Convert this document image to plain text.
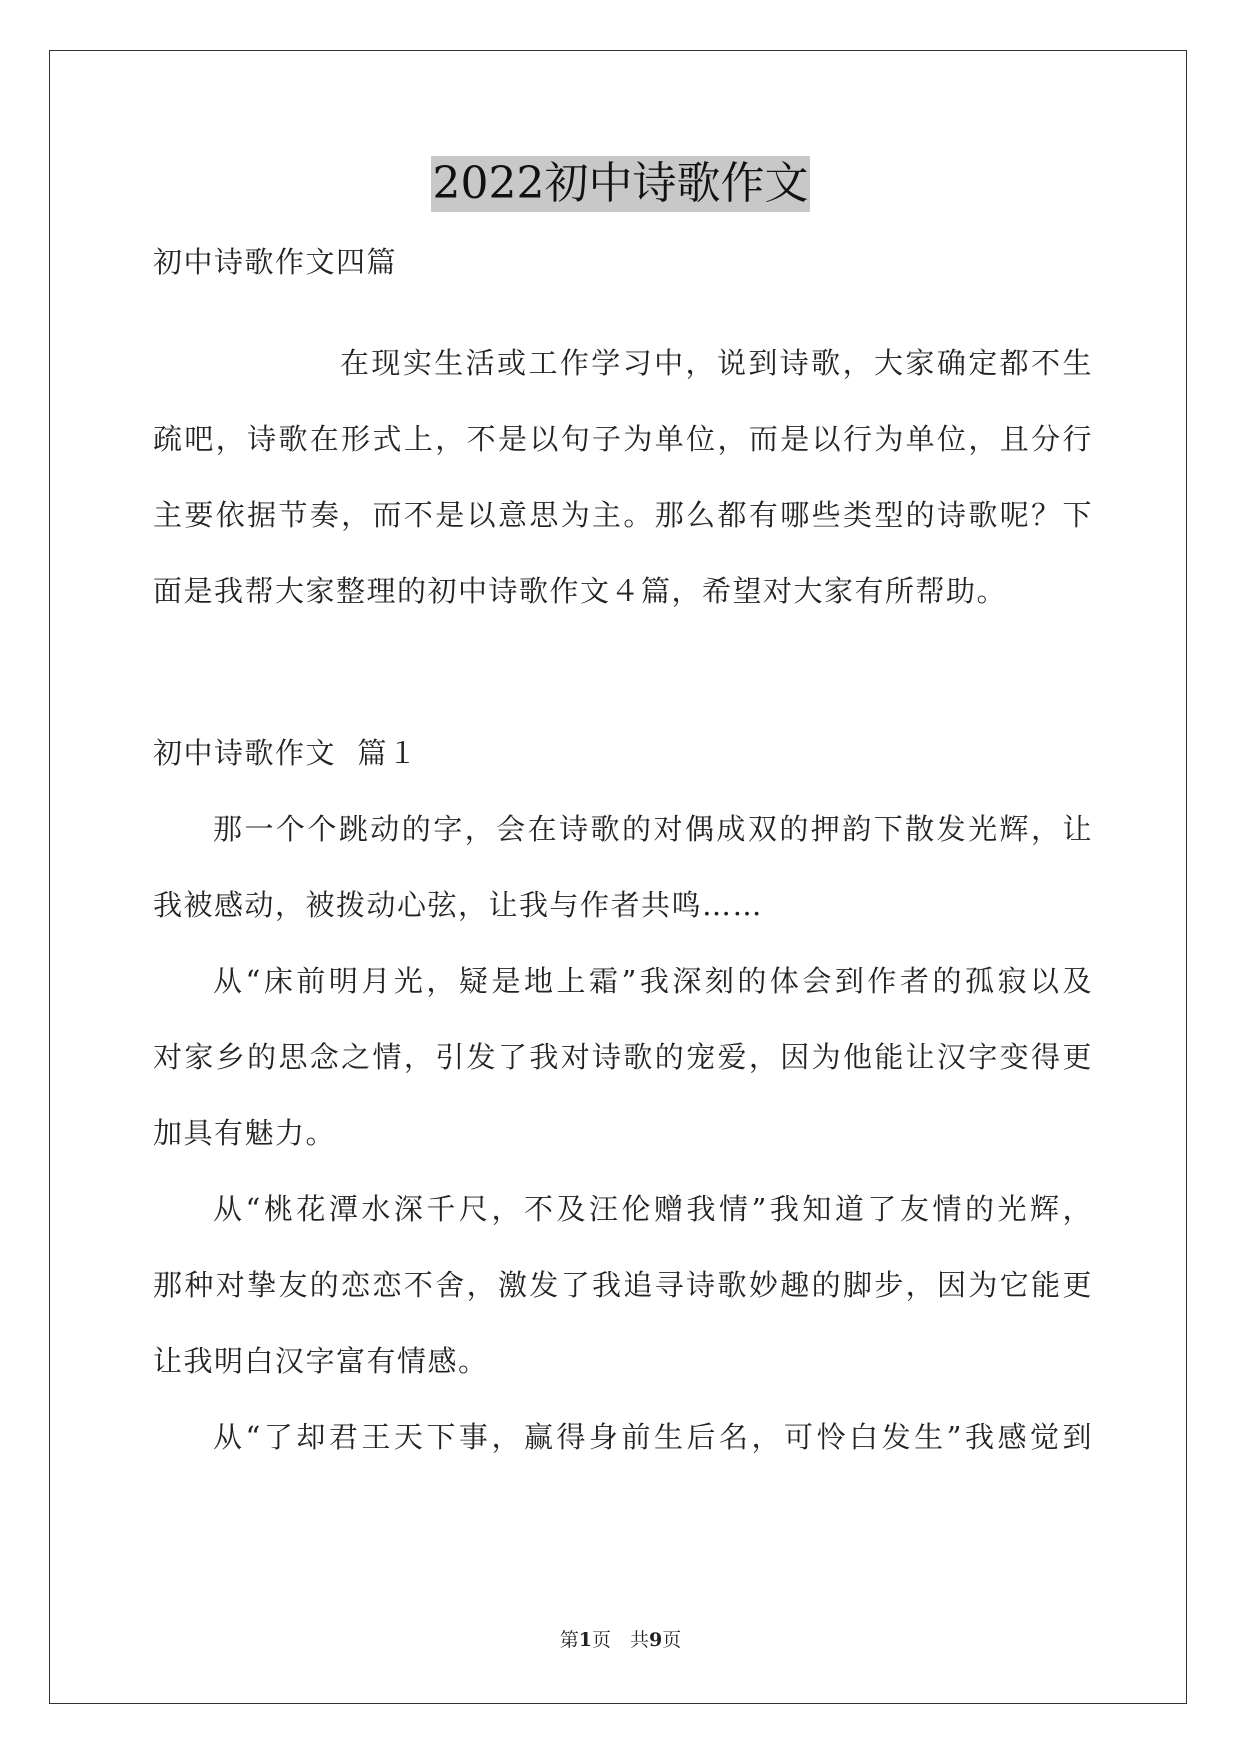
2022初中诗歌作文

初中诗歌作文四篇

在现实生活或工作学习中，说到诗歌，大家确定都不生

疏吧，诗歌在形式上，不是以句子为单位，而是以行为单位，且分行

主要依据节奏，而不是以意思为主。那么都有哪些类型的诗歌呢？下

面是我帮大家整理的初中诗歌作文４篇，希望对大家有所帮助。

初中诗歌作文  篇１

那一个个跳动的字，会在诗歌的对偶成双的押韵下散发光辉，让

我被感动，被拨动心弦，让我与作者共鸣……

从“床前明月光，疑是地上霜”我深刻的体会到作者的孤寂以及

对家乡的思念之情，引发了我对诗歌的宠爱，因为他能让汉字变得更

加具有魅力。

从“桃花潭水深千尺，不及汪伦赠我情”我知道了友情的光辉，

那种对挚友的恋恋不舍，激发了我追寻诗歌妙趣的脚步，因为它能更

让我明白汉字富有情感。

从“了却君王天下事，赢得身前生后名，可怜白发生”我感觉到

第1页　共9页
